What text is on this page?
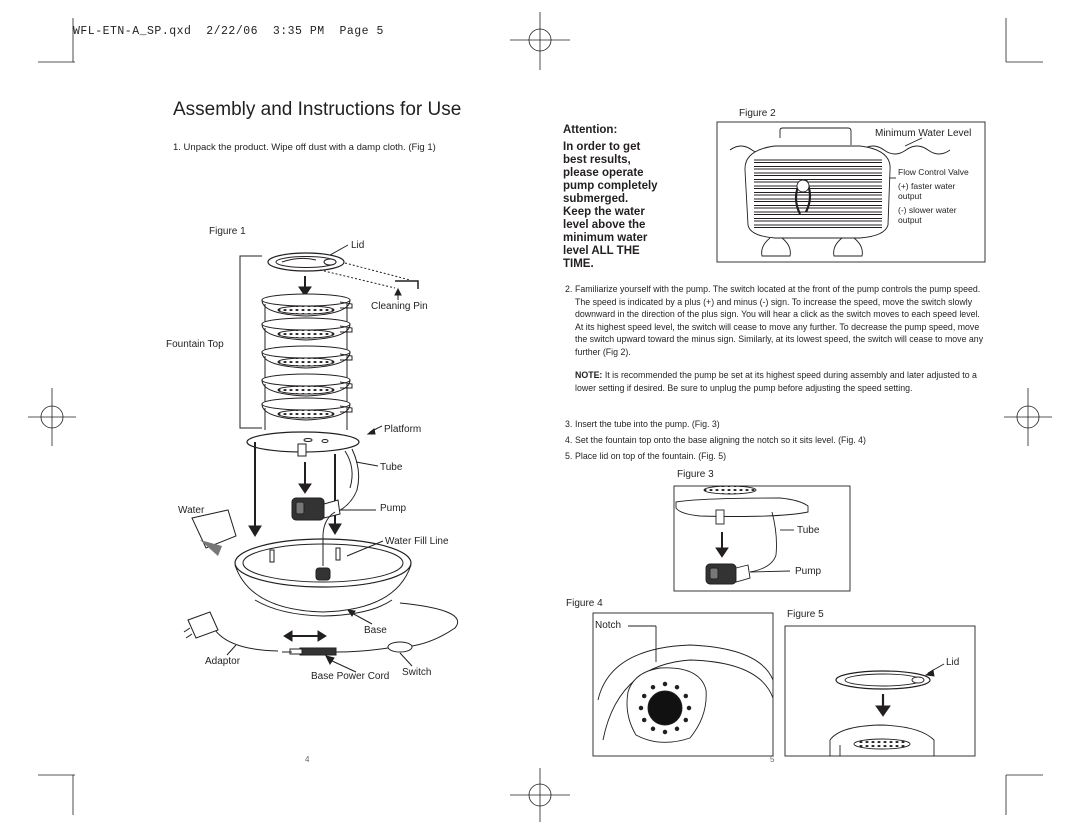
WFL-ETN-A_SP.qxd  2/22/06  3:35 PM  Page 5
Assembly and Instructions for Use
1. Unpack the product. Wipe off dust with a damp cloth. (Fig 1)
Figure 1
Lid
Cleaning Pin
Fountain Top
Platform
Tube
Water	Pump
Water Fill Line
Base
Adaptor
Base Power Cord Switch
4
Attention:
In order to get
best results,
please operate
pump completely
submerged.
Keep the water
level above the
minimum water
level ALL THE
TIME.
Figure 2
Minimum Water Level
Flow Control Valve
(+) faster water
output
(-) slower water
output
2. Familiarize yourself with the pump. The switch located at the front of the pump controls the pump speed. The speed is indicated by a plus (+) and minus (-) sign. To increase the speed, move the switch slowly downward in the direction of the plus sign. You will hear a click as the switch moves to each speed level. At its highest speed level, the switch will cease to move any further. To decrease the pump speed, move the switch upward toward the minus sign. Similarly, at its lowest speed, the switch will cease to move any further (Fig 2).
NOTE: It is recommended the pump be set at its highest speed during assembly and later adjusted to a lower setting if desired. Be sure to unplug the pump before adjusting the speed setting.
3. Insert the tube into the pump. (Fig. 3)
4. Set the fountain top onto the base aligning the notch so it sits level. (Fig. 4)
5. Place lid on top of the fountain. (Fig. 5)
Figure 3
Tube
Pump
Figure 4
Notch
Figure 5
Lid
5
